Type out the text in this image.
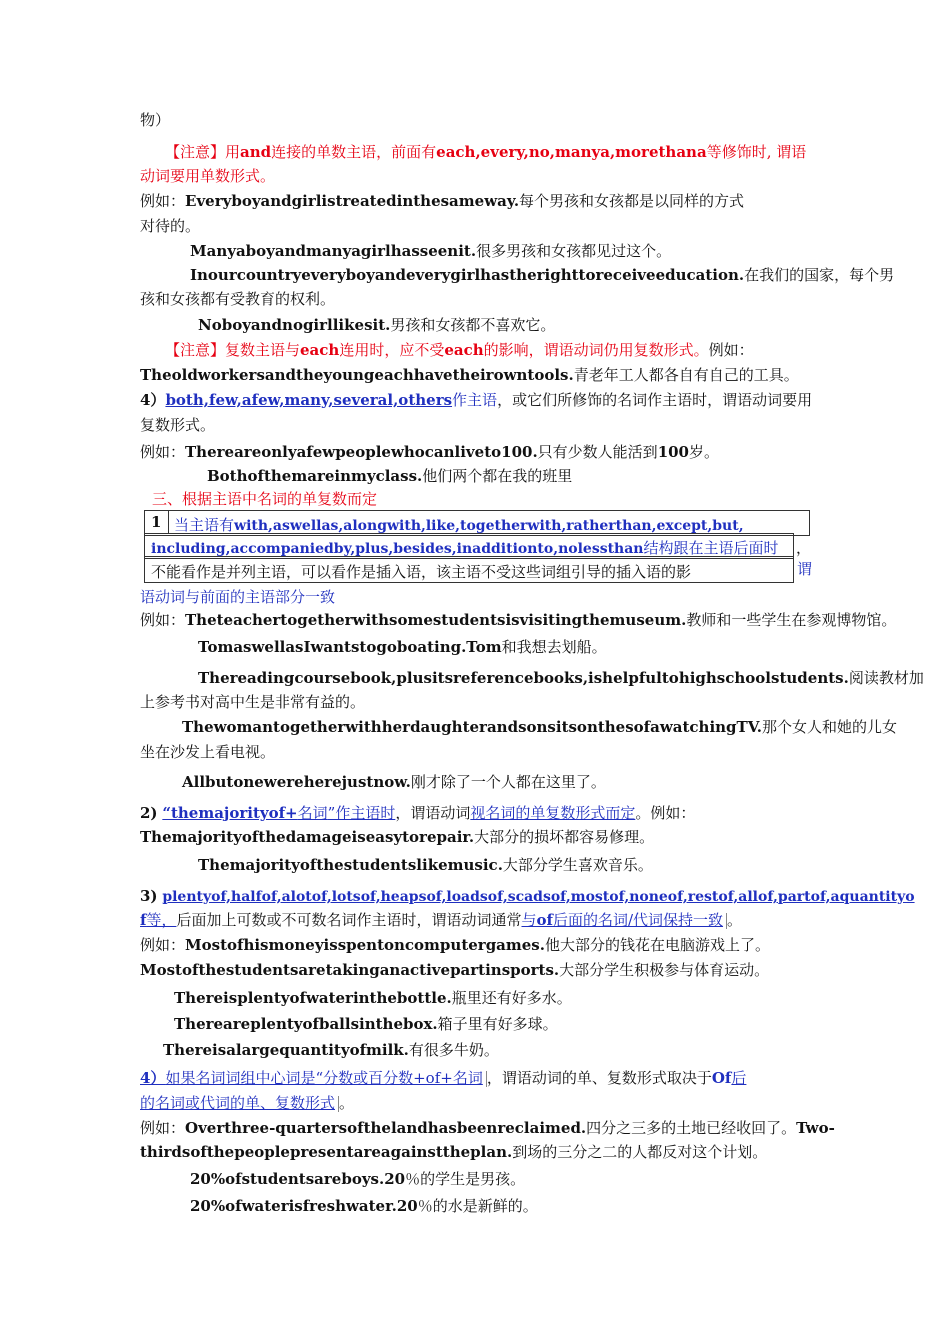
物）
【注意】用and连接的单数主语，前面有each,every,no,manya,morethana等修饰时, 谓语
动词要用单数形式。
例如：Everyboyandgirlistreatedinthesameway.每个男孩和女孩都是以同样的方式
对待的。
Manyaboyandmanyagirlhasseenit.很多男孩和女孩都见过这个。
Inourcountryeveryboyandeverygirlhastherighttoreceiveeducation.在我们的国家，每个男
孩和女孩都有受教育的权利。
Noboyandnogirllikesit.男孩和女孩都不喜欢它。
【注意】复数主语与each连用时，应不受each的影响，谓语动词仍用复数形式。例如：
Theoldworkersandtheyoungeachhavetheirowntools.青老年工人都各自有自己的工具。
4）both,few,afew,many,several,others作主语，或它们所修饰的名词作主语时，谓语动词要用
复数形式。
例如：Thereareonlyafewpeoplewhocanliveto100.只有少数人能活到100岁。
Bothofthemareinmyclass.他们两个都在我的班里
三、根据主语中名词的单复数而定
1 当主语有with,aswellas,alongwith,like,togetherwith,ratherthan,except,but,
including,accompaniedby,plus,besides,inadditionto,nolessthan结构跟在主语后面时 ，
谓
不能看作是并列主语，可以看作是插入语，该主语不受这些词组引导的插入语的影
语动词与前面的主语部分一致
例如：Theteachertogetherwithsomestudentsisvisitingthemuseum.教师和一些学生在参观博物馆。
TomaswellasIwantstogoboating.Tom和我想去划船。
Thereadingcoursebook,plusitsreferencebooks,ishelpfultohighschoolstudents.阅读教材加
上参考书对高中生是非常有益的。
ThewomantogetherwithherdaughterandsonsitsonthesofawatchingTV.那个女人和她的儿女
坐在沙发上看电视。
Allbutonewereherejustnow.刚才除了一个人都在这里了。
2) “themajorityof+名词”作主语时，谓语动词视名词的单复数形式而定。例如：
Themajorityofthedamageiseasytorepair.大部分的损坏都容易修理。
Themajorityofthestudentslikemusic.大部分学生喜欢音乐。
3) plentyof,halfof,alotof,lotsof,heapsof,loadsof,scadsof,mostof,noneof,restof,allof,partof,aquantityo
f等，后面加上可数或不可数名词作主语时，谓语动词通常与of后面的名词/代词保持一致 。
例如：Mostofhismoneyisspentoncomputergames.他大部分的钱花在电脑游戏上了。
Mostofthestudentsaretakinganactivepartinsports.大部分学生积极参与体育运动。
Thereisplentyofwaterinthebottle.瓶里还有好多水。
Thereareplentyofballsinthebox.箱子里有好多球。
Thereisalargequantityofmilk.有很多牛奶。
4）如果名词词组中心词是“分数或百分数+of+名词 ，谓语动词的单、复数形式取决于Of后
的名词或代词的单、复数形式 。
例如：Overthree-quartersofthelandhasbeenreclaimed.四分之三多的土地已经收回了。Two-
thirdsofthepeoplepresentareagainsttheplan.到场的三分之二的人都反对这个计划。
20%ofstudentsareboys.20％的学生是男孩。
20%ofwaterisfreshwater.20％的水是新鲜的。
